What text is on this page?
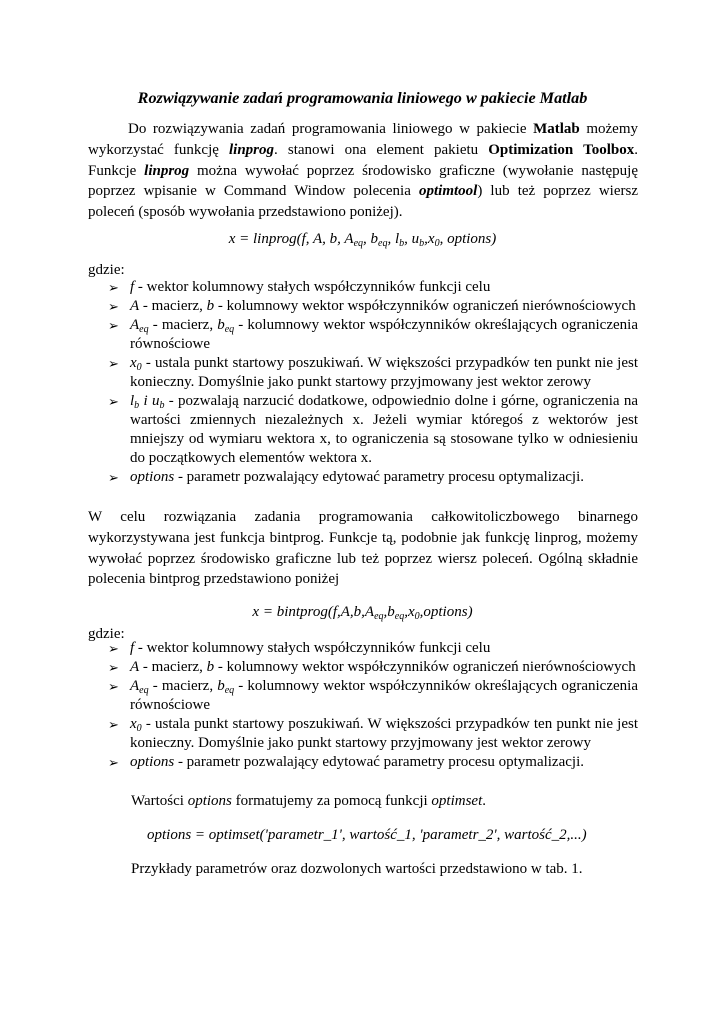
Rozwiązywanie zadań programowania liniowego w pakiecie Matlab

Do rozwiązywania zadań programowania liniowego w pakiecie Matlab możemy wykorzystać funkcję linprog. stanowi ona element pakietu Optimization Toolbox. Funkcje linprog można wywołać poprzez środowisko graficzne (wywołanie następuję poprzez wpisanie w Command Window polecenia optimtool) lub też poprzez wiersz poleceń (sposób wywołania przedstawiono poniżej).

x = linprog(f, A, b, $A_{eq}$, $b_{eq}$, $l_b$, $u_b,x_0$, options)

gdzie:

➢ f - wektor kolumnowy stałych współczynników funkcji celu
➢ A - macierz, b - kolumnowy wektor współczynników ograniczeń nierównościowych
➢ $A_{eq}$ - macierz, $b_{eq}$ - kolumnowy wektor współczynników określających ograniczenia równościowe
➢ $x_0$ - ustala punkt startowy poszukiwań. W większości przypadków ten punkt nie jest konieczny. Domyślnie jako punkt startowy przyjmowany jest wektor zerowy
➢ $l_b$ i $u_b$ - pozwalają narzucić dodatkowe, odpowiednio dolne i górne, ograniczenia na wartości zmiennych niezależnych x. Jeżeli wymiar któregoś z wektorów jest mniejszy od wymiaru wektora x, to ograniczenia są stosowane tylko w odniesieniu do początkowych elementów wektora x.
➢ options - parametr pozwalający edytować parametry procesu optymalizacji.

W celu rozwiązania zadania programowania całkowitoliczbowego binarnego wykorzystywana jest funkcja bintprog. Funkcje tą, podobnie jak funkcję linprog, możemy wywołać poprzez środowisko graficzne lub też poprzez wiersz poleceń. Ogólną składnie polecenia bintprog przedstawiono poniżej

$x = bintprog(f,A,b,A_{eq},b_{eq},x_0,options)$

gdzie:

➢ f - wektor kolumnowy stałych współczynników funkcji celu
➢ A - macierz, b - kolumnowy wektor współczynników ograniczeń nierównościowych
➢ $A_{eq}$ - macierz, $b_{eq}$ - kolumnowy wektor współczynników określających ograniczenia równościowe
➢ $x_0$ - ustala punkt startowy poszukiwań. W większości przypadków ten punkt nie jest konieczny. Domyślnie jako punkt startowy przyjmowany jest wektor zerowy
➢ options - parametr pozwalający edytować parametry procesu optymalizacji.

Wartości options formatujemy za pomocą funkcji optimset.

options = optimset('parametr_1', wartość_1, 'parametr_2', wartość_2,...)

Przykłady parametrów oraz dozwolonych wartości przedstawiono w tab. 1.
